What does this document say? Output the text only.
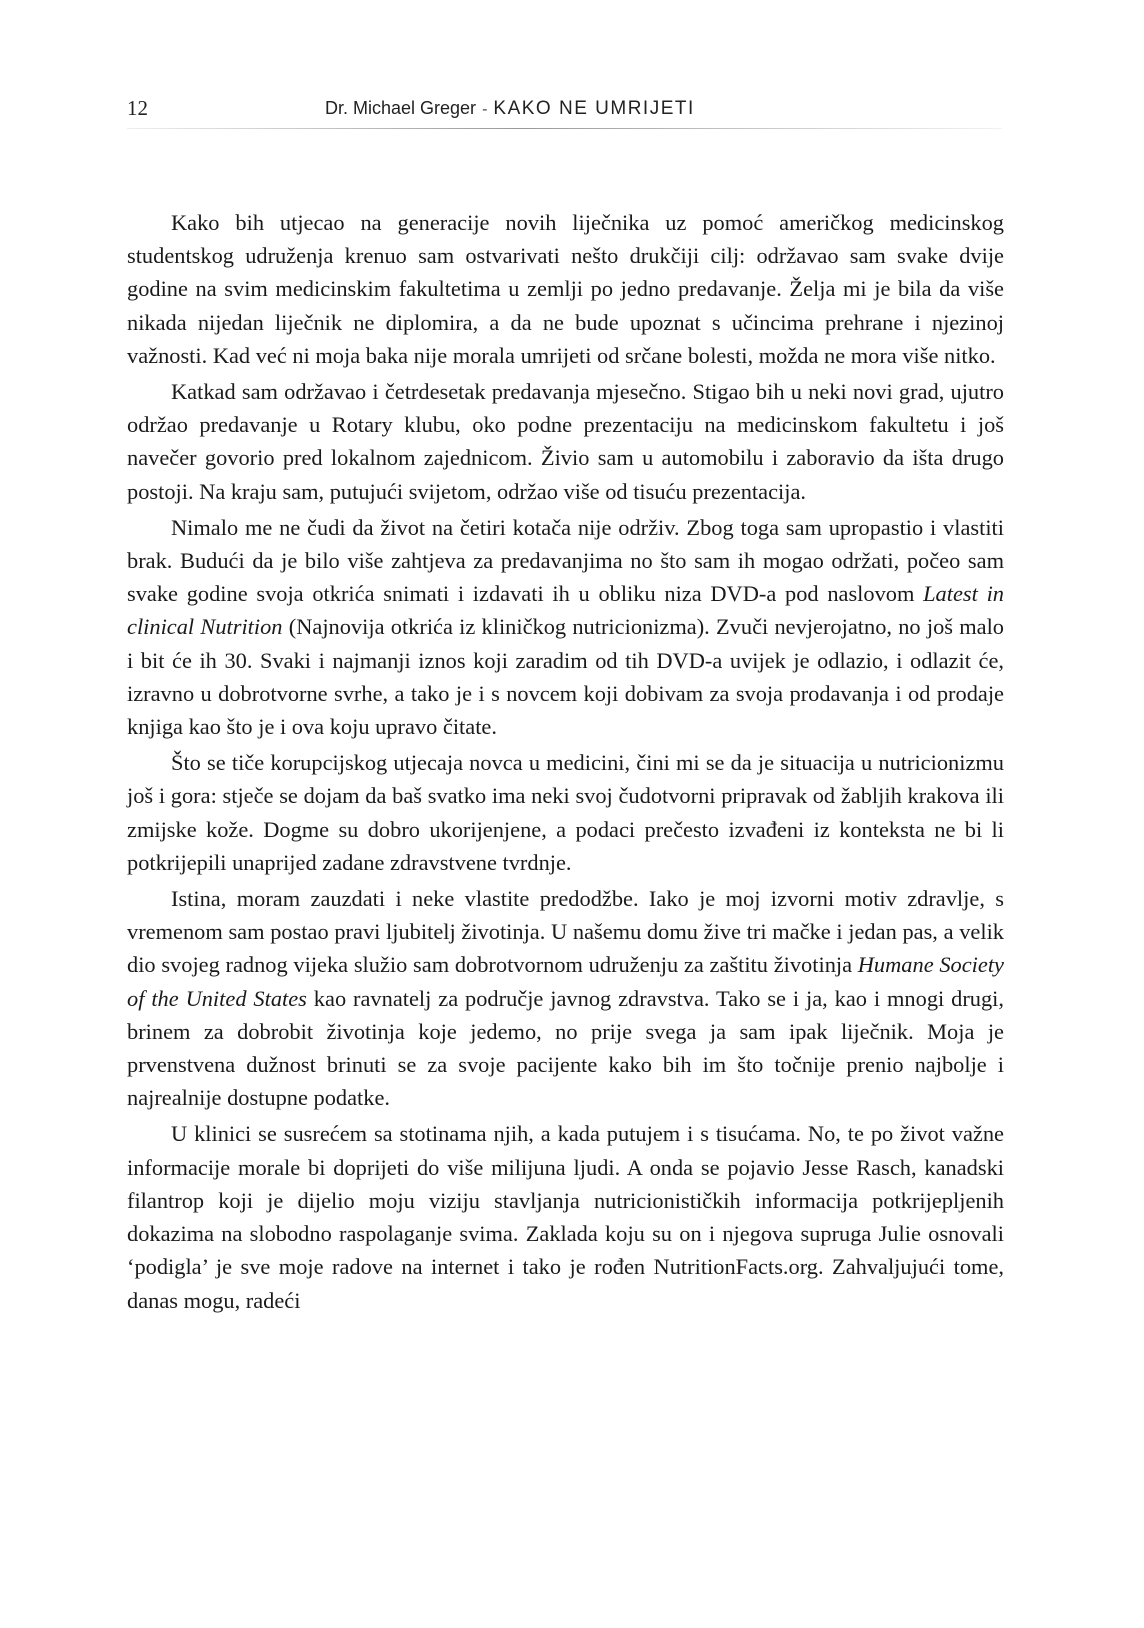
12	Dr. Michael Greger - KAKO NE UMRIJETI

Kako bih utjecao na generacije novih liječnika uz pomoć američkog medicinskog studentskog udruženja krenuo sam ostvarivati nešto drukčiji cilj: održavao sam svake dvije godine na svim medicinskim fakultetima u zemlji po jedno predavanje. Želja mi je bila da više nikada nijedan liječnik ne diplomira, a da ne bude upoznat s učincima prehrane i njezinoj važnosti. Kad već ni moja baka nije morala umrijeti od srčane bolesti, možda ne mora više nitko.

Katkad sam održavao i četrdesetak predavanja mjesečno. Stigao bih u neki novi grad, ujutro održao predavanje u Rotary klubu, oko podne prezentaciju na medicinskom fakultetu i još navečer govorio pred lokalnom zajednicom. Živio sam u automobilu i zaboravio da išta drugo postoji. Na kraju sam, putujući svijetom, održao više od tisuću prezentacija.

Nimalo me ne čudi da život na četiri kotača nije održiv. Zbog toga sam upropastio i vlastiti brak. Budući da je bilo više zahtjeva za predavanjima no što sam ih mogao održati, počeo sam svake godine svoja otkrića snimati i izdavati ih u obliku niza DVD-a pod naslovom Latest in clinical Nutrition (Najnovija otkrića iz kliničkog nutricionizma). Zvuči nevjerojatno, no još malo i bit će ih 30. Svaki i najmanji iznos koji zaradim od tih DVD-a uvijek je odlazio, i odlazit će, izravno u dobrotvorne svrhe, a tako je i s novcem koji dobivam za svoja prodavanja i od prodaje knjiga kao što je i ova koju upravo čitate.

Što se tiče korupcijskog utjecaja novca u medicini, čini mi se da je situacija u nutricionizmu još i gora: stječe se dojam da baš svatko ima neki svoj čudotvorni pripravak od žabljih krakova ili zmijske kože. Dogme su dobro ukorijenjene, a podaci prečesto izvađeni iz konteksta ne bi li potkrijepili unaprijed zadane zdravstvene tvrdnje.

Istina, moram zauzdati i neke vlastite predodžbe. Iako je moj izvorni motiv zdravlje, s vremenom sam postao pravi ljubitelj životinja. U našemu domu žive tri mačke i jedan pas, a velik dio svojeg radnog vijeka služio sam dobrotvornom udruženju za zaštitu životinja Humane Society of the United States kao ravnatelj za područje javnog zdravstva. Tako se i ja, kao i mnogi drugi, brinem za dobrobit životinja koje jedemo, no prije svega ja sam ipak liječnik. Moja je prvenstvena dužnost brinuti se za svoje pacijente kako bih im što točnije prenio najbolje i najrealnije dostupne podatke.

U klinici se susrećem sa stotinama njih, a kada putujem i s tisućama. No, te po život važne informacije morale bi doprijeti do više milijuna ljudi. A onda se pojavio Jesse Rasch, kanadski filantrop koji je dijelio moju viziju stavljanja nutricionističkih informacija potkrijepljenih dokazima na slobodno raspolaganje svima. Zaklada koju su on i njegova supruga Julie osnovali ‘podigla’ je sve moje radove na internet i tako je rođen NutritionFacts.org. Zahvaljujući tome, danas mogu, radeći
